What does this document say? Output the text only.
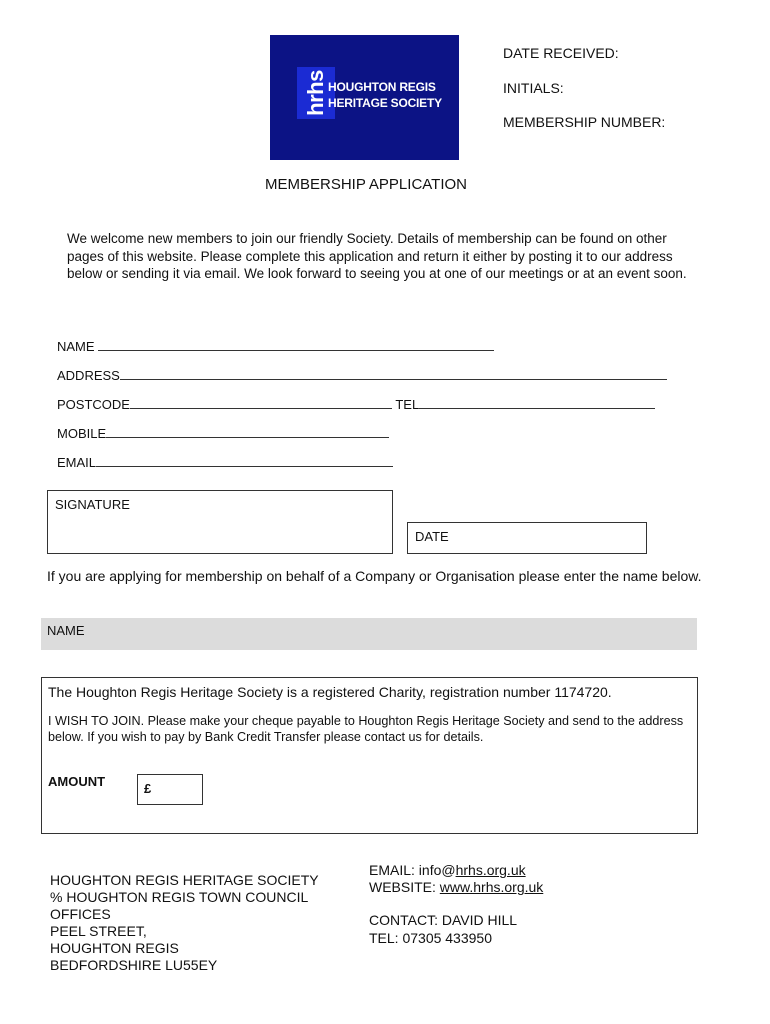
hrhs HOUGHTON REGIS
HERITAGE SOCIETY
DATE RECEIVED:
INITIALS:
MEMBERSHIP NUMBER:
MEMBERSHIP APPLICATION
We welcome new members to join our friendly Society. Details of membership can be found on other pages of this website. Please complete this application and return it either by posting it to our address below or sending it via email. We look forward to seeing you at one of our meetings or at an event soon.
NAME
ADDRESS
POSTCODE	TEL
MOBILE
EMAIL
SIGNATURE
DATE
If you are applying for membership on behalf of a Company or Organisation please enter the name below.
NAME
The Houghton Regis Heritage Society is a registered Charity, registration number 1174720.
I WISH TO JOIN. Please make your cheque payable to Houghton Regis Heritage Society and send to the address below. If you wish to pay by Bank Credit Transfer please contact us for details.
AMOUNT	£
HOUGHTON REGIS HERITAGE SOCIETY
% HOUGHTON REGIS TOWN COUNCIL
OFFICES
PEEL STREET,
HOUGHTON REGIS
BEDFORDSHIRE LU55EY
EMAIL: info@hrhs.org.uk
WEBSITE: www.hrhs.org.uk
CONTACT: DAVID HILL
TEL: 07305 433950
